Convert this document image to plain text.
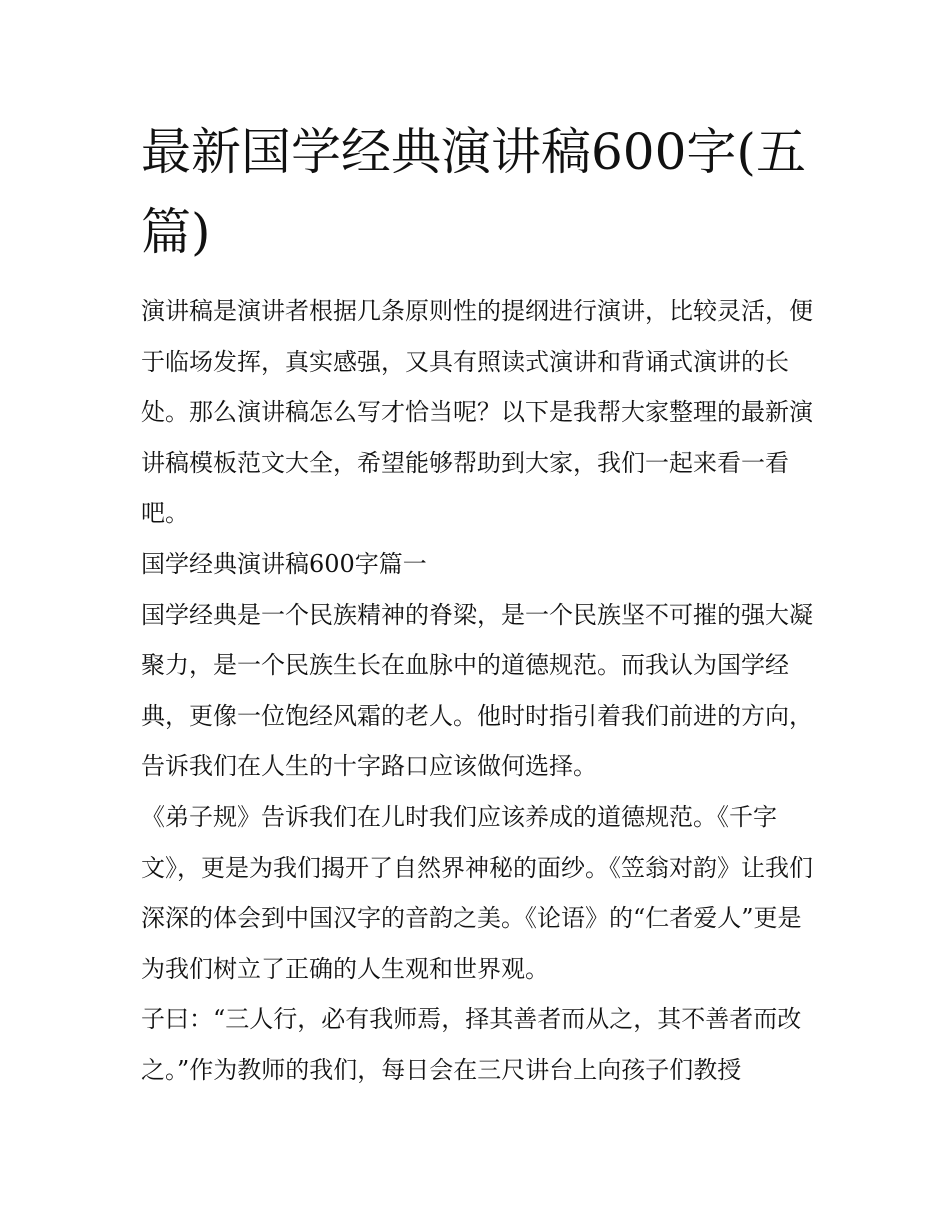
最新国学经典演讲稿600字(五篇)

演讲稿是演讲者根据几条原则性的提纲进行演讲，比较灵活，便于临场发挥，真实感强，又具有照读式演讲和背诵式演讲的长处。那么演讲稿怎么写才恰当呢？以下是我帮大家整理的最新演讲稿模板范文大全，希望能够帮助到大家，我们一起来看一看吧。

国学经典演讲稿600字篇一

国学经典是一个民族精神的脊梁，是一个民族坚不可摧的强大凝聚力，是一个民族生长在血脉中的道德规范。而我认为国学经典，更像一位饱经风霜的老人。他时时指引着我们前进的方向，告诉我们在人生的十字路口应该做何选择。

《弟子规》告诉我们在儿时我们应该养成的道德规范。《千字文》，更是为我们揭开了自然界神秘的面纱。《笠翁对韵》让我们深深的体会到中国汉字的音韵之美。《论语》的“仁者爱人”更是为我们树立了正确的人生观和世界观。

子曰：“三人行，必有我师焉，择其善者而从之，其不善者而改之。”作为教师的我们，每日会在三尺讲台上向孩子们教授
